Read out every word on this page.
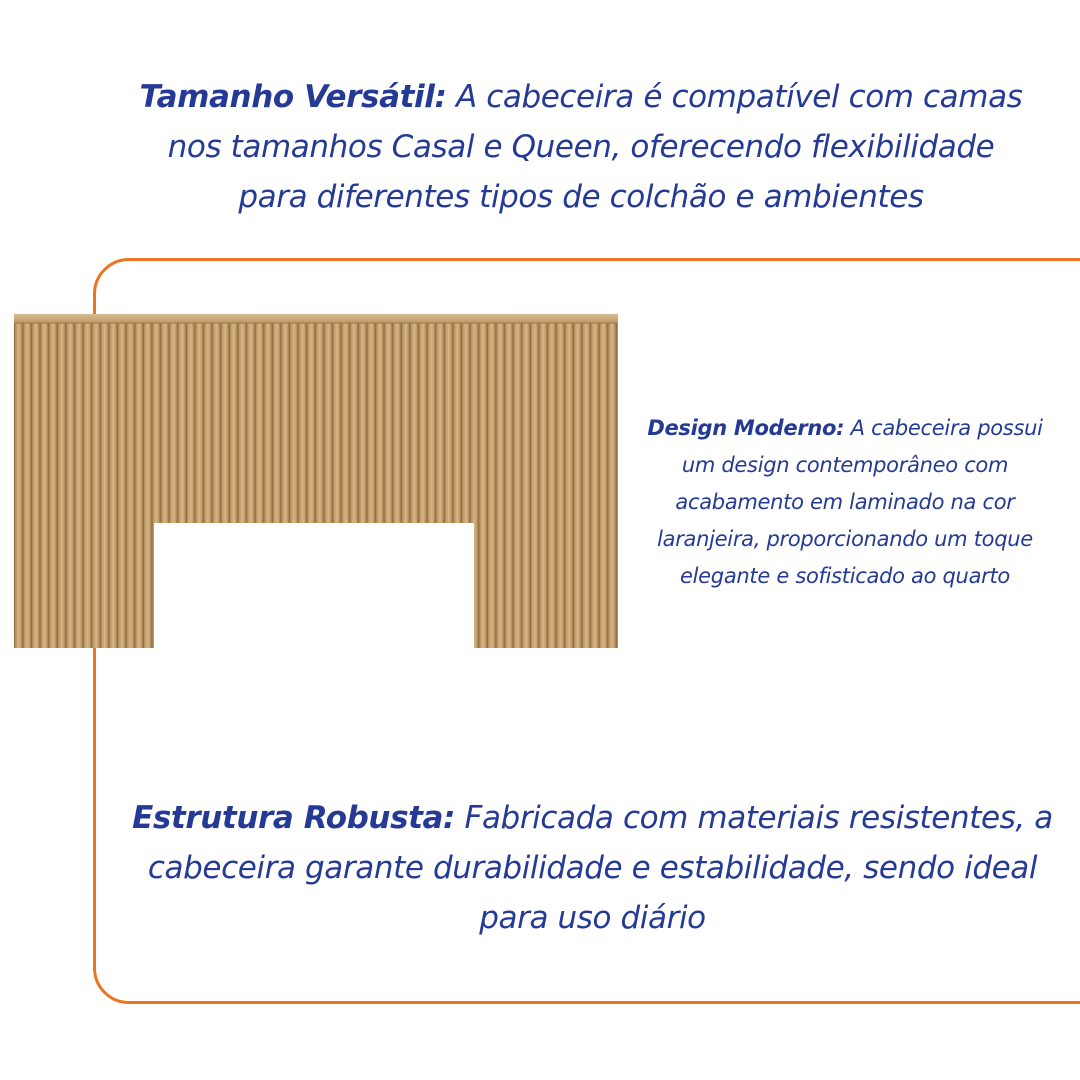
Tamanho Versátil: A cabeceira é compatível com camas
nos tamanhos Casal e Queen, oferecendo flexibilidade
para diferentes tipos de colchão e ambientes
Design Moderno: A cabeceira possui
um design contemporâneo com
acabamento em laminado na cor
laranjeira, proporcionando um toque
elegante e sofisticado ao quarto
Estrutura Robusta: Fabricada com materiais resistentes, a
cabeceira garante durabilidade e estabilidade, sendo ideal
para uso diário
